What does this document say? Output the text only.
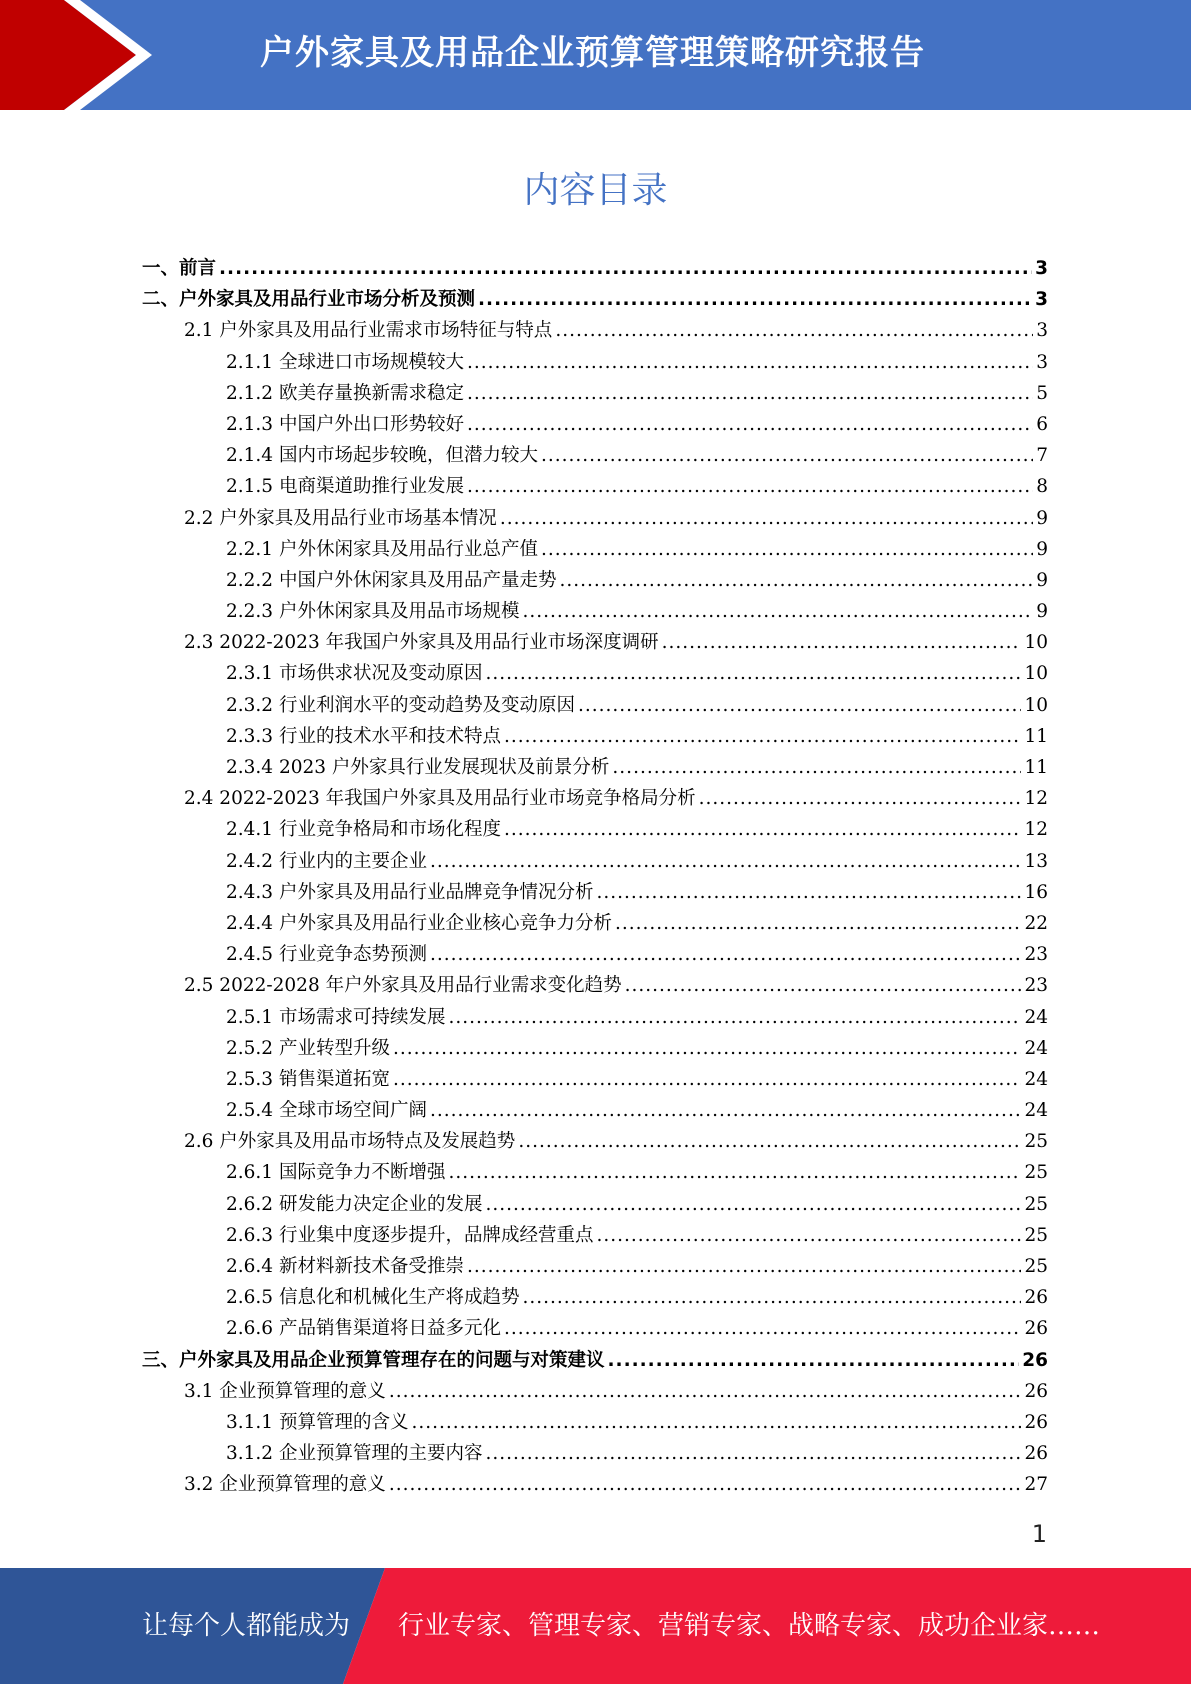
户外家具及用品企业预算管理策略研究报告
内容目录
一、前言 .....	3
二、户外家具及用品行业市场分析及预测 .....	3
2.1 户外家具及用品行业需求市场特征与特点 .....	3
2.1.1 全球进口市场规模较大 .....	3
2.1.2 欧美存量换新需求稳定 .....	5
2.1.3 中国户外出口形势较好 .....	6
2.1.4 国内市场起步较晚，但潜力较大 .....	7
2.1.5 电商渠道助推行业发展 .....	8
2.2 户外家具及用品行业市场基本情况 .....	9
2.2.1 户外休闲家具及用品行业总产值 .....	9
2.2.2 中国户外休闲家具及用品产量走势 .....	9
2.2.3 户外休闲家具及用品市场规模 .....	9
2.3 2022-2023 年我国户外家具及用品行业市场深度调研 .....	10
2.3.1 市场供求状况及变动原因 .....	10
2.3.2 行业利润水平的变动趋势及变动原因 .....	10
2.3.3 行业的技术水平和技术特点 .....	11
2.3.4 2023 户外家具行业发展现状及前景分析 .....	11
2.4 2022-2023 年我国户外家具及用品行业市场竞争格局分析 .....	12
2.4.1 行业竞争格局和市场化程度 .....	12
2.4.2 行业内的主要企业 .....	13
2.4.3 户外家具及用品行业品牌竞争情况分析 .....	16
2.4.4 户外家具及用品行业企业核心竞争力分析 .....	22
2.4.5 行业竞争态势预测 .....	23
2.5 2022-2028 年户外家具及用品行业需求变化趋势 .....	23
2.5.1 市场需求可持续发展 .....	24
2.5.2 产业转型升级 .....	24
2.5.3 销售渠道拓宽 .....	24
2.5.4 全球市场空间广阔 .....	24
2.6 户外家具及用品市场特点及发展趋势 .....	25
2.6.1 国际竞争力不断增强 .....	25
2.6.2 研发能力决定企业的发展 .....	25
2.6.3 行业集中度逐步提升，品牌成经营重点 .....	25
2.6.4 新材料新技术备受推崇 .....	25
2.6.5 信息化和机械化生产将成趋势 .....	26
2.6.6 产品销售渠道将日益多元化 .....	26
三、户外家具及用品企业预算管理存在的问题与对策建议 .....	26
3.1 企业预算管理的意义 .....	26
3.1.1 预算管理的含义 .....	26
3.1.2 企业预算管理的主要内容 .....	26
3.2 企业预算管理的意义 .....	27
1
让每个人都能成为 行业专家、管理专家、营销专家、战略专家、成功企业家……
